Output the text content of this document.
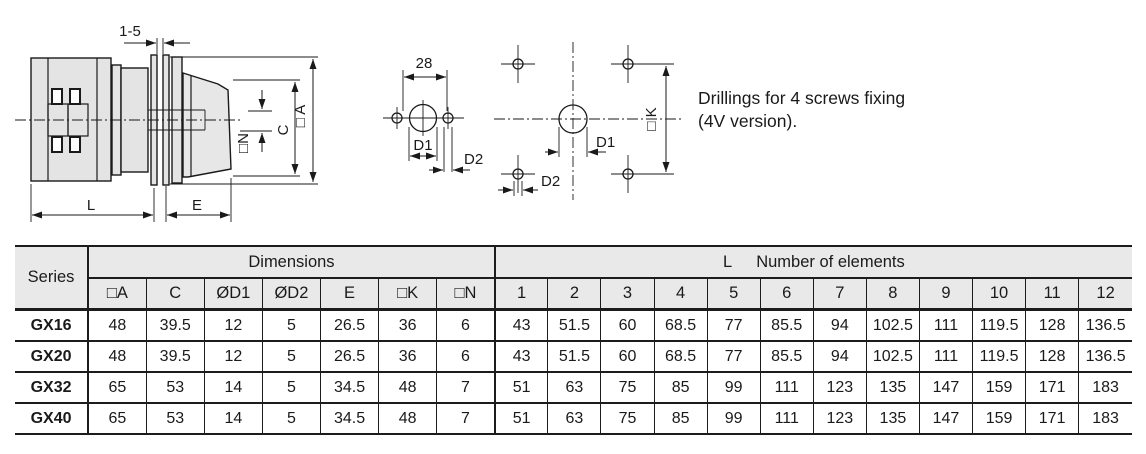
1-5
L	E
□ A
C
□N
28
D1
D2
□ K
D1
D2
Drillings for 4 screws fixing
(4V version).
Series	Dimensions							L Number of elements											
	□A	C	ØD1	ØD2	E	□K	□N	1	2	3	4	5	6	7	8	9	10	11	12
GX16	48	39.5	12	5	26.5	36	6	43	51.5	60	68.5	77	85.5	94	102.5	111	119.5	128	136.5
GX20	48	39.5	12	5	26.5	36	6	43	51.5	60	68.5	77	85.5	94	102.5	111	119.5	128	136.5
GX32	65	53	14	5	34.5	48	7	51	63	75	85	99	111	123	135	147	159	171	183
GX40	65	53	14	5	34.5	48	7	51	63	75	85	99	111	123	135	147	159	171	183
